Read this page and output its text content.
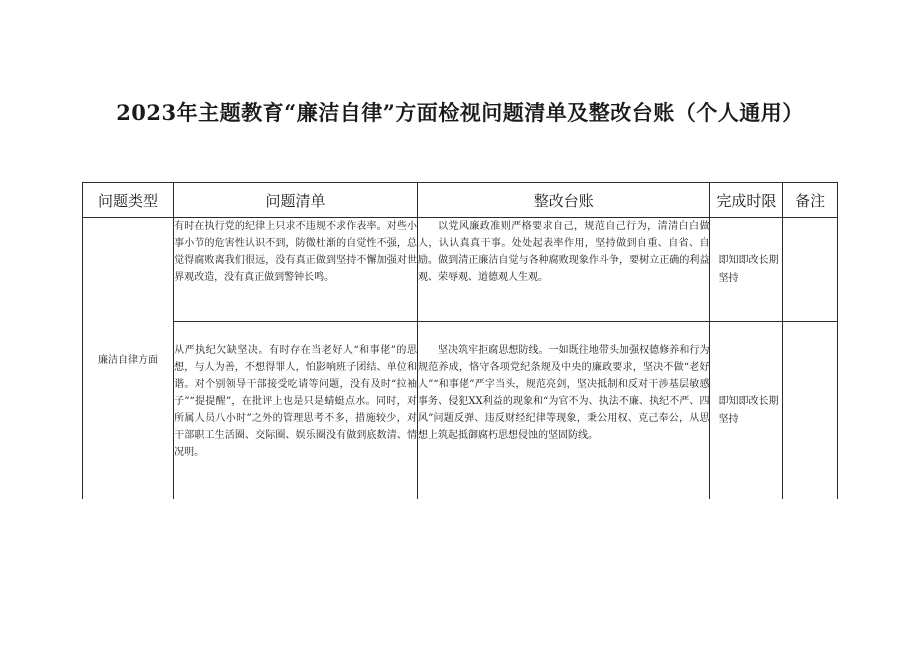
2023年主题教育“廉洁自律”方面检视问题清单及整改台账（个人通用）
问题类型	问题清单	整改台账	完成时限	备注
廉洁自律方面	有时在执行党的纪律上只求不违规不求作表率。对些小事小节的危害性认识不到，防微杜渐的自觉性不强，总觉得腐败离我们很远，没有真正做到坚持不懈加强对世界观改造，没有真正做到警钟长鸣。	以党风廉政准则严格要求自己，规范自己行为，清清白白做人，认认真真干事。处处起表率作用，坚持做到自重、自省、自励。做到清正廉洁自觉与各种腐败现象作斗争，要树立正确的利益观、荣辱观、道德观人生观。	即知即改长期坚持	
	从严执纪欠缺坚决。有时存在当老好人“和事佬”的思想，与人为善，不想得罪人，怕影响班子团结、单位和谐。对个别领导干部接受吃请等问题，没有及时“拉袖子”“提提醒”，在批评上也是只是蜻蜓点水。同时，对所属人员八小时”之外的管理思考不多，措施较少，对干部职工生活圈、交际圈、娱乐圈没有做到底数清、情况明。	坚决筑牢拒腐思想防线。一如既往地带头加强权德修养和行为规范养成，恪守各项党纪条规及中央的廉政要求，坚决不做“老好人”“和事佬”严字当头，规范亮剑，坚决抵制和反对干涉基层敏感事务、侵犯XX利益的现象和“为官不为、执法不廉、执纪不严、四风”问题反弹、违反财经纪律等现象，秉公用权、克己奉公，从思想上筑起抵御腐朽思想侵蚀的坚固防线。	即知即改长期坚持	
